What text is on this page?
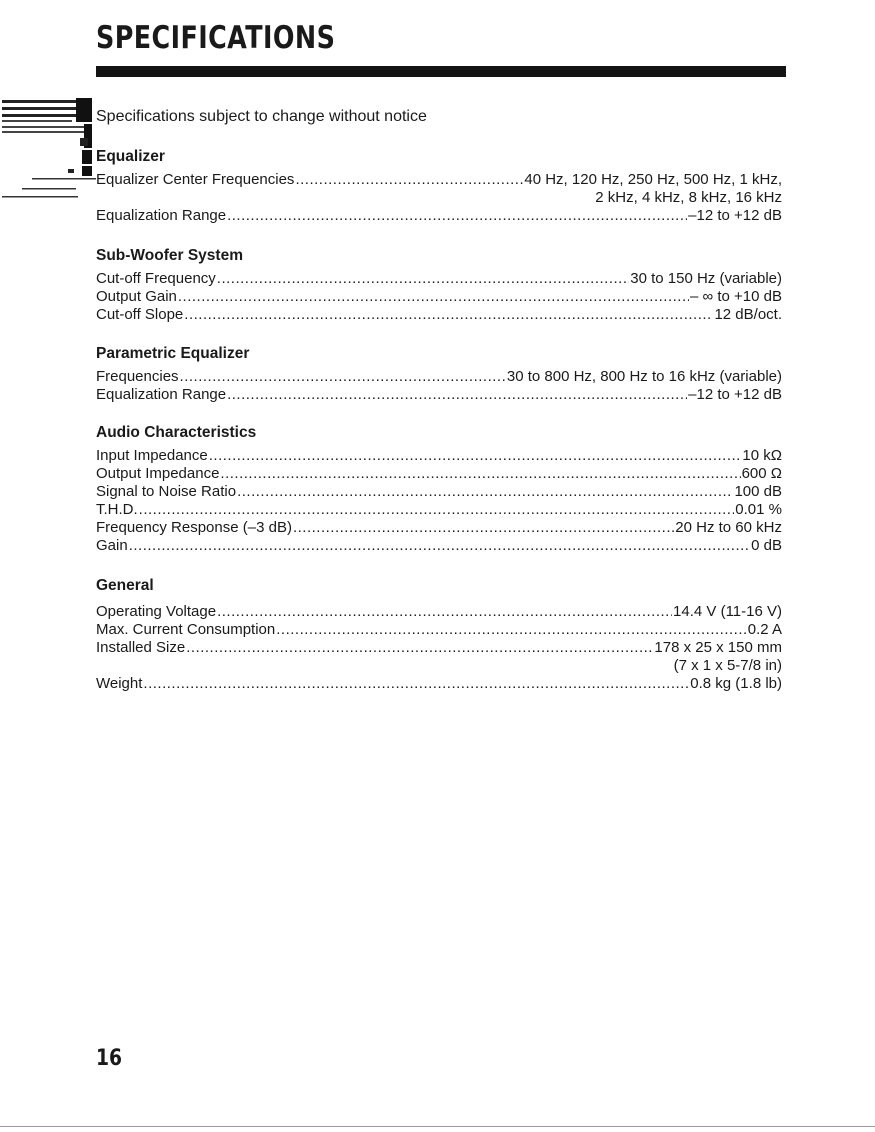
SPECIFICATIONS
Specifications subject to change without notice
Equalizer
Equalizer Center Frequencies .....	40 Hz, 120 Hz, 250 Hz, 500 Hz, 1 kHz,
2 kHz, 4 kHz, 8 kHz, 16 kHz
Equalization Range .....	–12 to +12 dB
Sub-Woofer System
Cut-off Frequency .....	30 to 150 Hz (variable)
Output Gain .....	– ∞ to +10 dB
Cut-off Slope .....	12 dB/oct.
Parametric Equalizer
Frequencies .....	30 to 800 Hz, 800 Hz to 16 kHz (variable)
Equalization Range .....	–12 to +12 dB
Audio Characteristics
Input Impedance .....	10 kΩ
Output Impedance .....	600 Ω
Signal to Noise Ratio .....	100 dB
T.H.D. .....	0.01 %
Frequency Response (–3 dB) .....	20 Hz to 60 kHz
Gain .....	0 dB
General
Operating Voltage .....	14.4 V (11-16 V)
Max. Current Consumption .....	0.2 A
Installed Size .....	178 x 25 x 150 mm
(7 x 1 x 5-7/8 in)
Weight .....	0.8 kg (1.8 lb)
16
